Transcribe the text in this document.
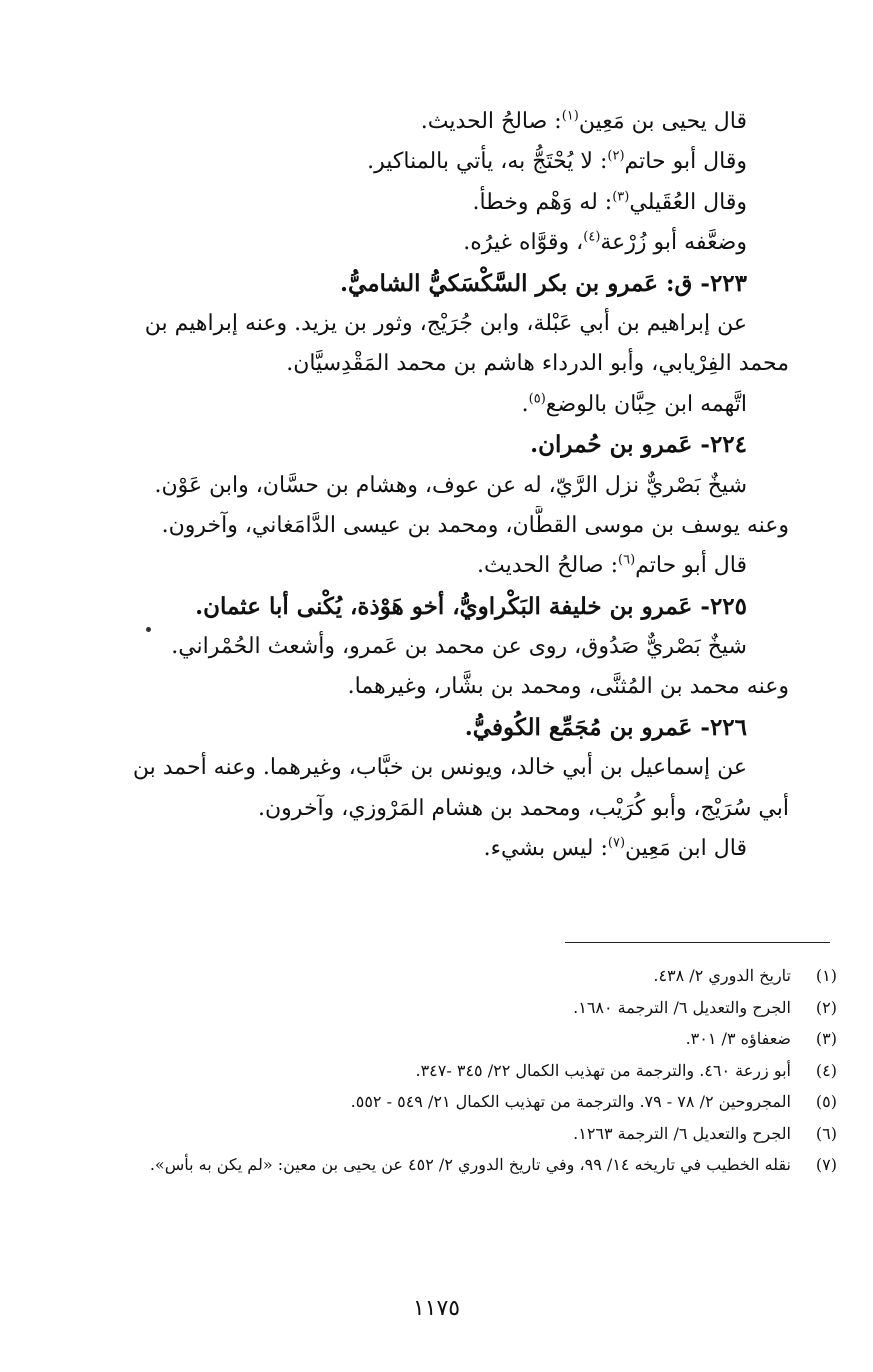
قال يحيى بن مَعِين$^{(١)}$: صالحُ الحديث.
وقال أبو حاتم$^{(٢)}$: لا يُحْتَجُّ به، يأتي بالمناكير.
وقال العُقَيلي$^{(٣)}$: له وَهْم وخطأ.
وضعَّفه أبو زُرْعة$^{(٤)}$، وقوَّاه غيرُه.
٢٢٣- ق: عَمرو بن بكر السَّكْسَكيُّ الشاميُّ.
عن إبراهيم بن أبي عَبْلة، وابن جُرَيْج، وثور بن يزيد. وعنه إبراهيم بن
محمد الفِرْيابي، وأبو الدرداء هاشم بن محمد المَقْدِسيَّان.
اتَّهمه ابن حِبَّان بالوضع$^{(٥)}$.
٢٢٤- عَمرو بن حُمران.
شيخٌ بَصْريٌّ نزل الرَّيّ، له عن عوف، وهشام بن حسَّان، وابن عَوْن.
وعنه يوسف بن موسى القطَّان، ومحمد بن عيسى الدَّامَغاني، وآخرون.
قال أبو حاتم$^{(٦)}$: صالحُ الحديث.
٢٢٥- عَمرو بن خليفة البَكْراويُّ، أخو هَوْذة، يُكْنى أبا عثمان.
شيخٌ بَصْريٌّ صَدُوق، روى عن محمد بن عَمرو، وأشعث الحُمْراني.
وعنه محمد بن المُثنَّى، ومحمد بن بشَّار، وغيرهما.
٢٢٦- عَمرو بن مُجَمِّع الكُوفيُّ.
عن إسماعيل بن أبي خالد، ويونس بن خبَّاب، وغيرهما. وعنه أحمد بن
أبي سُرَيْج، وأبو كُرَيْب، ومحمد بن هشام المَرْوزي، وآخرون.
قال ابن مَعِين$^{(٧)}$: ليس بشيء.
(١)
تاريخ الدوري ٢/ ٤٣٨.
(٢)
الجرح والتعديل ٦/ الترجمة ١٦٨٠.
(٣)
ضعفاؤه ٣/ ٣٠١.
(٤)
أبو زرعة ٤٦٠. والترجمة من تهذيب الكمال ٢٢/ ٣٤٥ -٣٤٧.
(٥)
المجروحين ٢/ ٧٨ - ٧٩. والترجمة من تهذيب الكمال ٢١/ ٥٤٩ - ٥٥٢.
(٦)
الجرح والتعديل ٦/ الترجمة ١٢٦٣.
(٧)
نقله الخطيب في تاريخه ١٤/ ٩٩، وفي تاريخ الدوري ٢/ ٤٥٢ عن يحيى بن معين: «لم يكن به بأس».
١١٧٥
